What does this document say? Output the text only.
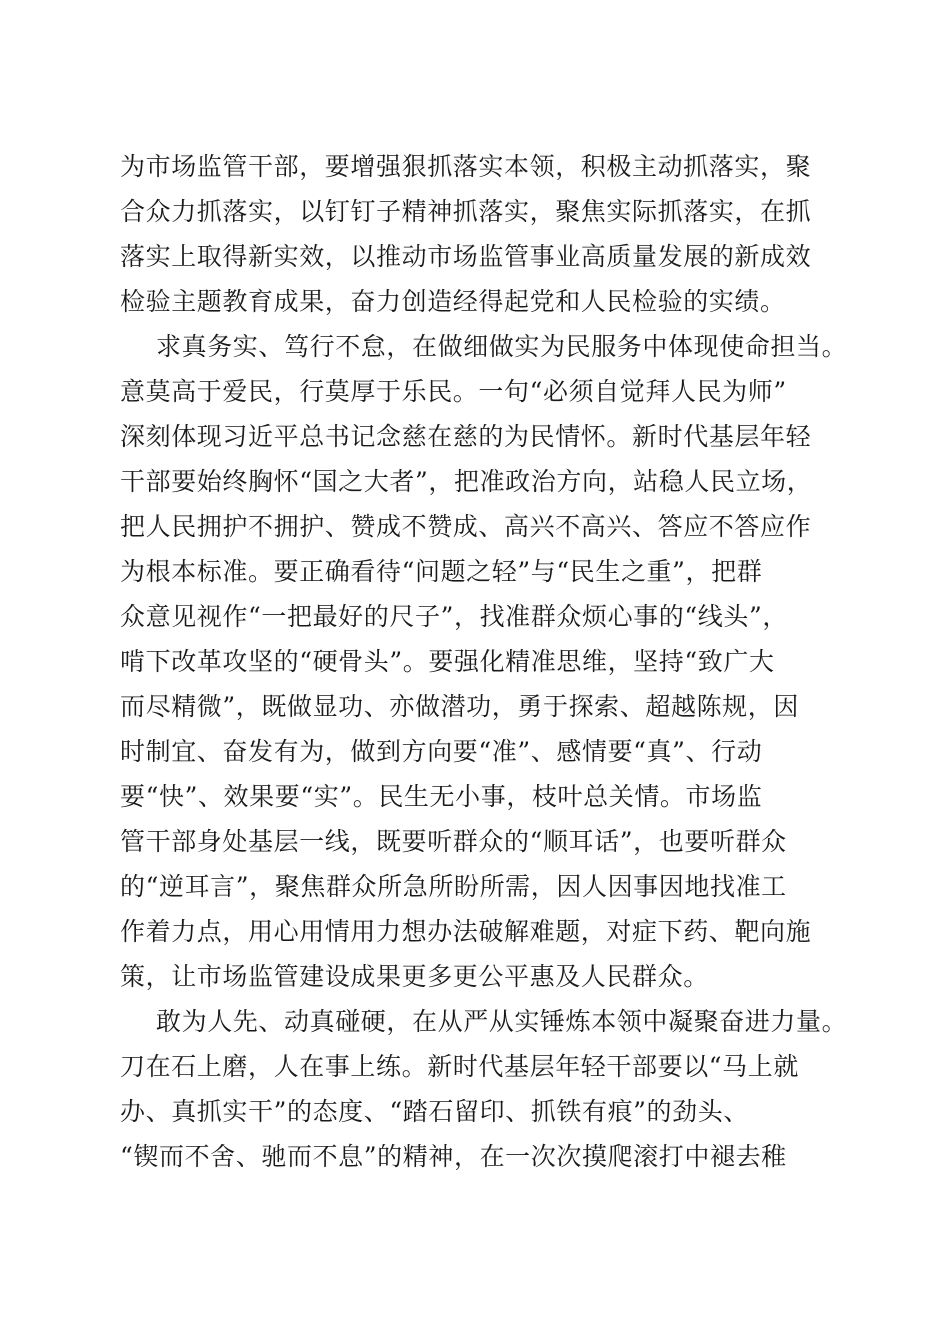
为市场监管干部，要增强狠抓落实本领，积极主动抓落实，聚
合众力抓落实，以钉钉子精神抓落实，聚焦实际抓落实，在抓
落实上取得新实效，以推动市场监管事业高质量发展的新成效
检验主题教育成果，奋力创造经得起党和人民检验的实绩。
求真务实、笃行不怠，在做细做实为民服务中体现使命担当。
意莫高于爱民，行莫厚于乐民。一句“必须自觉拜人民为师”
深刻体现习近平总书记念慈在慈的为民情怀。新时代基层年轻
干部要始终胸怀“国之大者”，把准政治方向，站稳人民立场，
把人民拥护不拥护、赞成不赞成、高兴不高兴、答应不答应作
为根本标准。要正确看待“问题之轻”与“民生之重”，把群
众意见视作“一把最好的尺子”，找准群众烦心事的“线头”，
啃下改革攻坚的“硬骨头”。要强化精准思维，坚持“致广大
而尽精微”，既做显功、亦做潜功，勇于探索、超越陈规，因
时制宜、奋发有为，做到方向要“准”、感情要“真”、行动
要“快”、效果要“实”。民生无小事，枝叶总关情。市场监
管干部身处基层一线，既要听群众的“顺耳话”，也要听群众
的“逆耳言”，聚焦群众所急所盼所需，因人因事因地找准工
作着力点，用心用情用力想办法破解难题，对症下药、靶向施
策，让市场监管建设成果更多更公平惠及人民群众。
敢为人先、动真碰硬，在从严从实锤炼本领中凝聚奋进力量。
刀在石上磨，人在事上练。新时代基层年轻干部要以“马上就
办、真抓实干”的态度、“踏石留印、抓铁有痕”的劲头、
“锲而不舍、驰而不息”的精神，在一次次摸爬滚打中褪去稚
